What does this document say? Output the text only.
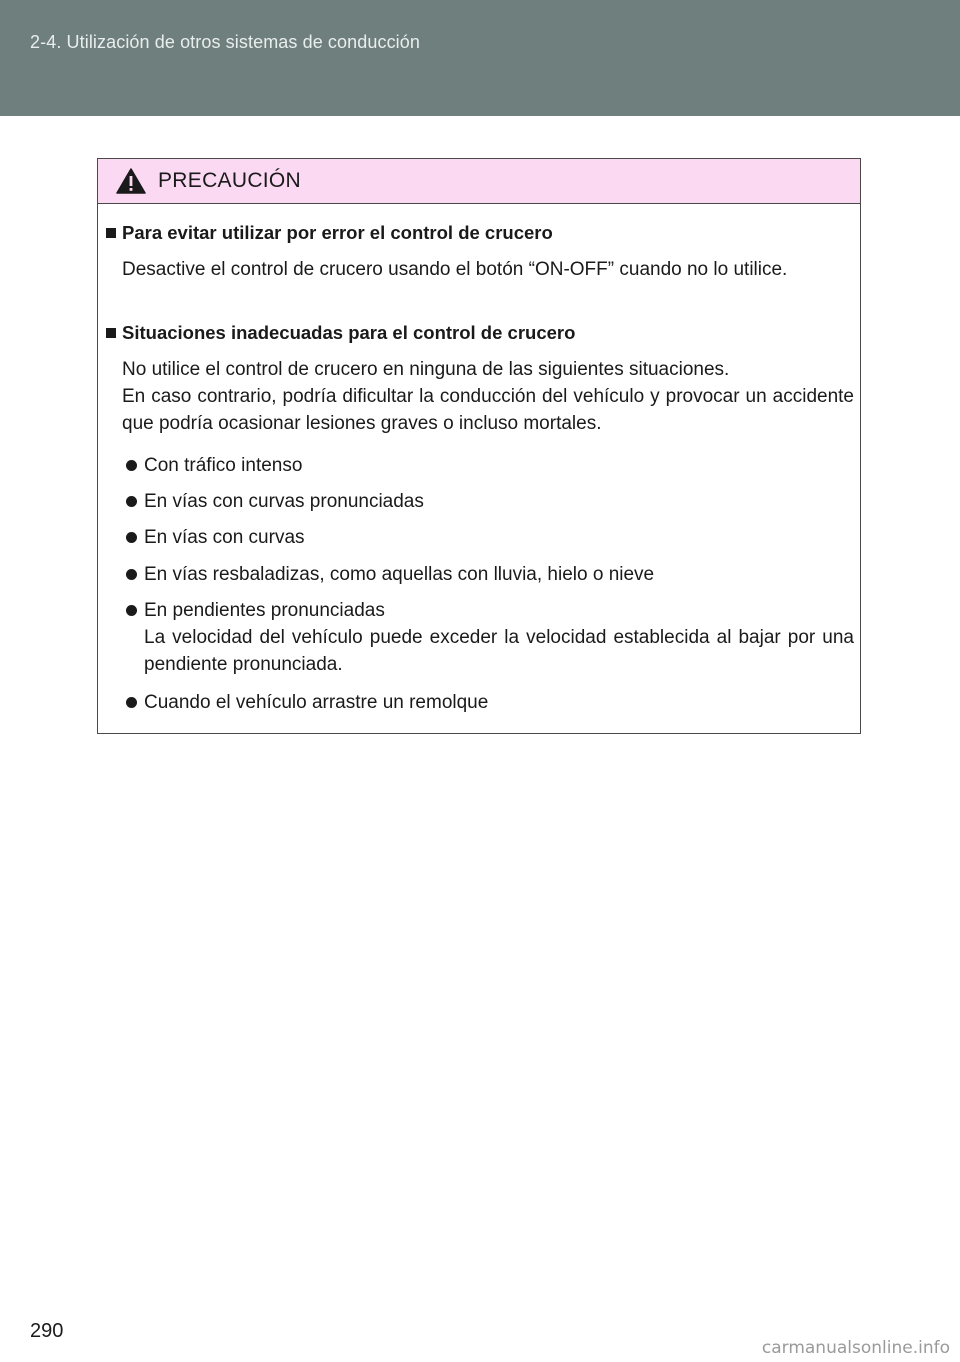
2-4. Utilización de otros sistemas de conducción
PRECAUCIÓN
Para evitar utilizar por error el control de crucero

Desactive el control de crucero usando el botón “ON-OFF” cuando no lo utilice.

Situaciones inadecuadas para el control de crucero
No utilice el control de crucero en ninguna de las siguientes situaciones.
En caso contrario, podría dificultar la conducción del vehículo y provocar un accidente que podría ocasionar lesiones graves o incluso mortales.
Con tráfico intenso
En vías con curvas pronunciadas
En vías con curvas
En vías resbaladizas, como aquellas con lluvia, hielo o nieve
En pendientes pronunciadas
La velocidad del vehículo puede exceder la velocidad establecida al bajar por una pendiente pronunciada.
Cuando el vehículo arrastre un remolque
290
carmanualsonline.info
